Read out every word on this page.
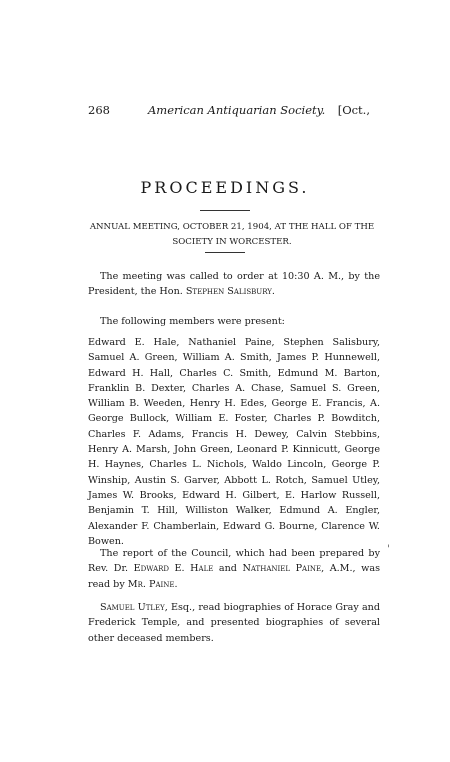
268	American Antiquarian Society. [Oct.,
PROCEEDINGS.
ANNUAL MEETING, OCTOBER 21, 1904, AT THE HALL OF THE
SOCIETY IN WORCESTER.
The meeting was called to order at 10:30 A. M., by the President, the Hon. Stephen Salisbury.
The following members were present:
Edward E. Hale, Nathaniel Paine, Stephen Salisbury, Samuel A. Green, William A. Smith, James P. Hunnewell, Edward H. Hall, Charles C. Smith, Edmund M. Barton, Franklin B. Dexter, Charles A. Chase, Samuel S. Green, William B. Weeden, Henry H. Edes, George E. Francis, A. George Bullock, William E. Foster, Charles P. Bowditch, Charles F. Adams, Francis H. Dewey, Calvin Stebbins, Henry A. Marsh, John Green, Leonard P. Kinnicutt, George H. Haynes, Charles L. Nichols, Waldo Lincoln, George P. Winship, Austin S. Garver, Abbott L. Rotch, Samuel Utley, James W. Brooks, Edward H. Gilbert, E. Harlow Russell, Benjamin T. Hill, Williston Walker, Edmund A. Engler, Alexander F. Chamberlain, Edward G. Bourne, Clarence W. Bowen.
The report of the Council, which had been prepared by Rev. Dr. Edward E. Hale and Nathaniel Paine, A.M., was read by Mr. Paine.
Samuel Utley, Esq., read biographies of Horace Gray and Frederick Temple, and presented biographies of several other deceased members.
'
